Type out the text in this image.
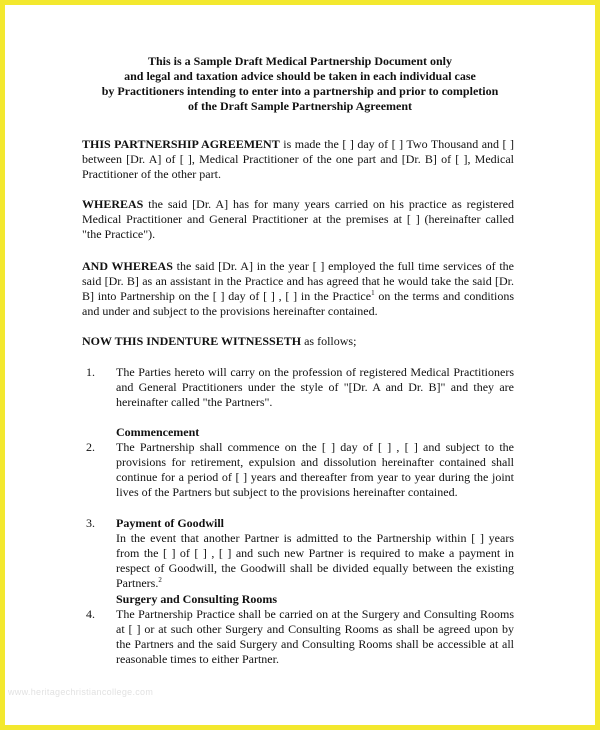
This is a Sample Draft Medical Partnership Document only
and legal and taxation advice should be taken in each individual case
by Practitioners intending to enter into a partnership and prior to completion
of the Draft Sample Partnership Agreement

THIS PARTNERSHIP AGREEMENT is made the [ ] day of [ ] Two Thousand and [ ] between [Dr. A] of [ ], Medical Practitioner of the one part and [Dr. B] of [ ], Medical Practitioner of the other part.

WHEREAS the said [Dr. A] has for many years carried on his practice as registered Medical Practitioner and General Practitioner at the premises at [ ] (hereinafter called "the Practice").

AND WHEREAS the said [Dr. A] in the year [ ] employed the full time services of the said [Dr. B] as an assistant in the Practice and has agreed that he would take the said [Dr. B] into Partnership on the [ ] day of [ ] , [ ] in the Practice$^1$ on the terms and conditions and under and subject to the provisions hereinafter contained.

NOW THIS INDENTURE WITNESSETH as follows;

1. The Parties hereto will carry on the profession of registered Medical Practitioners and General Practitioners under the style of "[Dr. A and Dr. B]" and they are hereinafter called "the Partners".

Commencement

2. The Partnership shall commence on the [ ] day of [ ] , [ ] and subject to the provisions for retirement, expulsion and dissolution hereinafter contained shall continue for a period of [ ] years and thereafter from year to year during the joint lives of the Partners but subject to the provisions hereinafter contained.

3. Payment of Goodwill

In the event that another Partner is admitted to the Partnership within [ ] years from the [ ] of [ ] , [ ] and such new Partner is required to make a payment in respect of Goodwill, the Goodwill shall be divided equally between the existing Partners.$^2$

Surgery and Consulting Rooms

4. The Partnership Practice shall be carried on at the Surgery and Consulting Rooms at [ ] or at such other Surgery and Consulting Rooms as shall be agreed upon by the Partners and the said Surgery and Consulting Rooms shall be accessible at all reasonable times to either Partner.

www.heritagechristiancollege.com
